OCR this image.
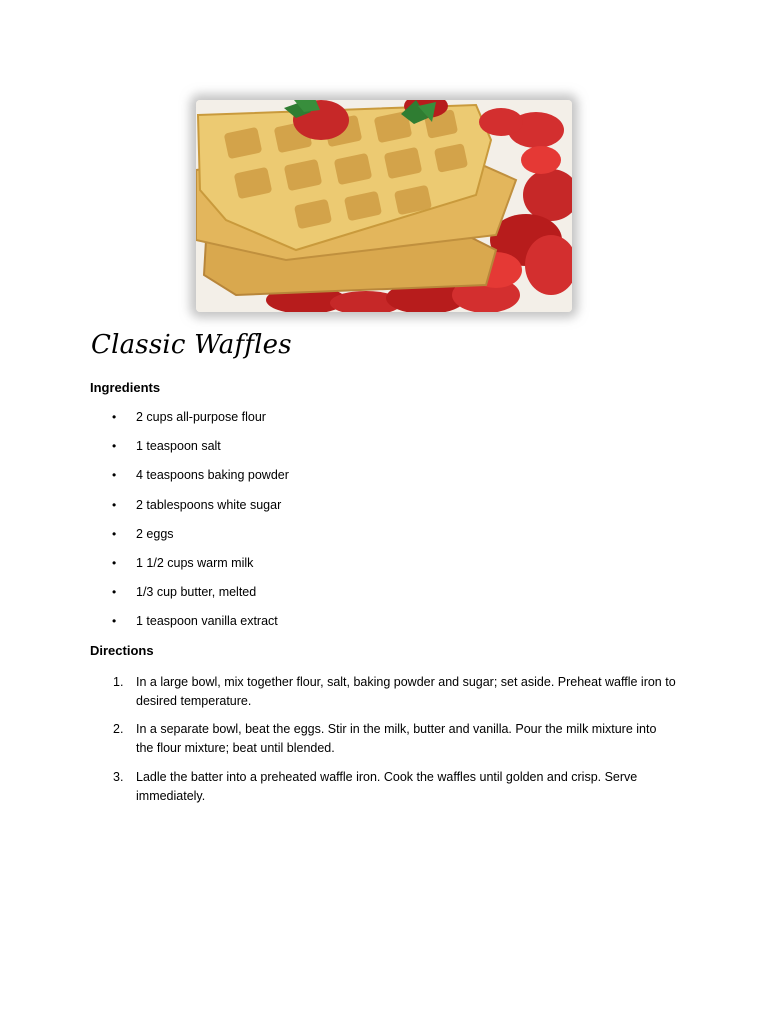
Classic Waffles
Ingredients
•	2 cups all-purpose flour
•	1 teaspoon salt
•	4 teaspoons baking powder
•	2 tablespoons white sugar
•	2 eggs
•	1 1/2 cups warm milk
•	1/3 cup butter, melted
•	1 teaspoon vanilla extract
Directions
1. In a large bowl, mix together flour, salt, baking powder and sugar; set aside. Preheat waffle iron to desired temperature.
2. In a separate bowl, beat the eggs. Stir in the milk, butter and vanilla. Pour the milk mixture into the flour mixture; beat until blended.
3. Ladle the batter into a preheated waffle iron. Cook the waffles until golden and crisp. Serve immediately.
